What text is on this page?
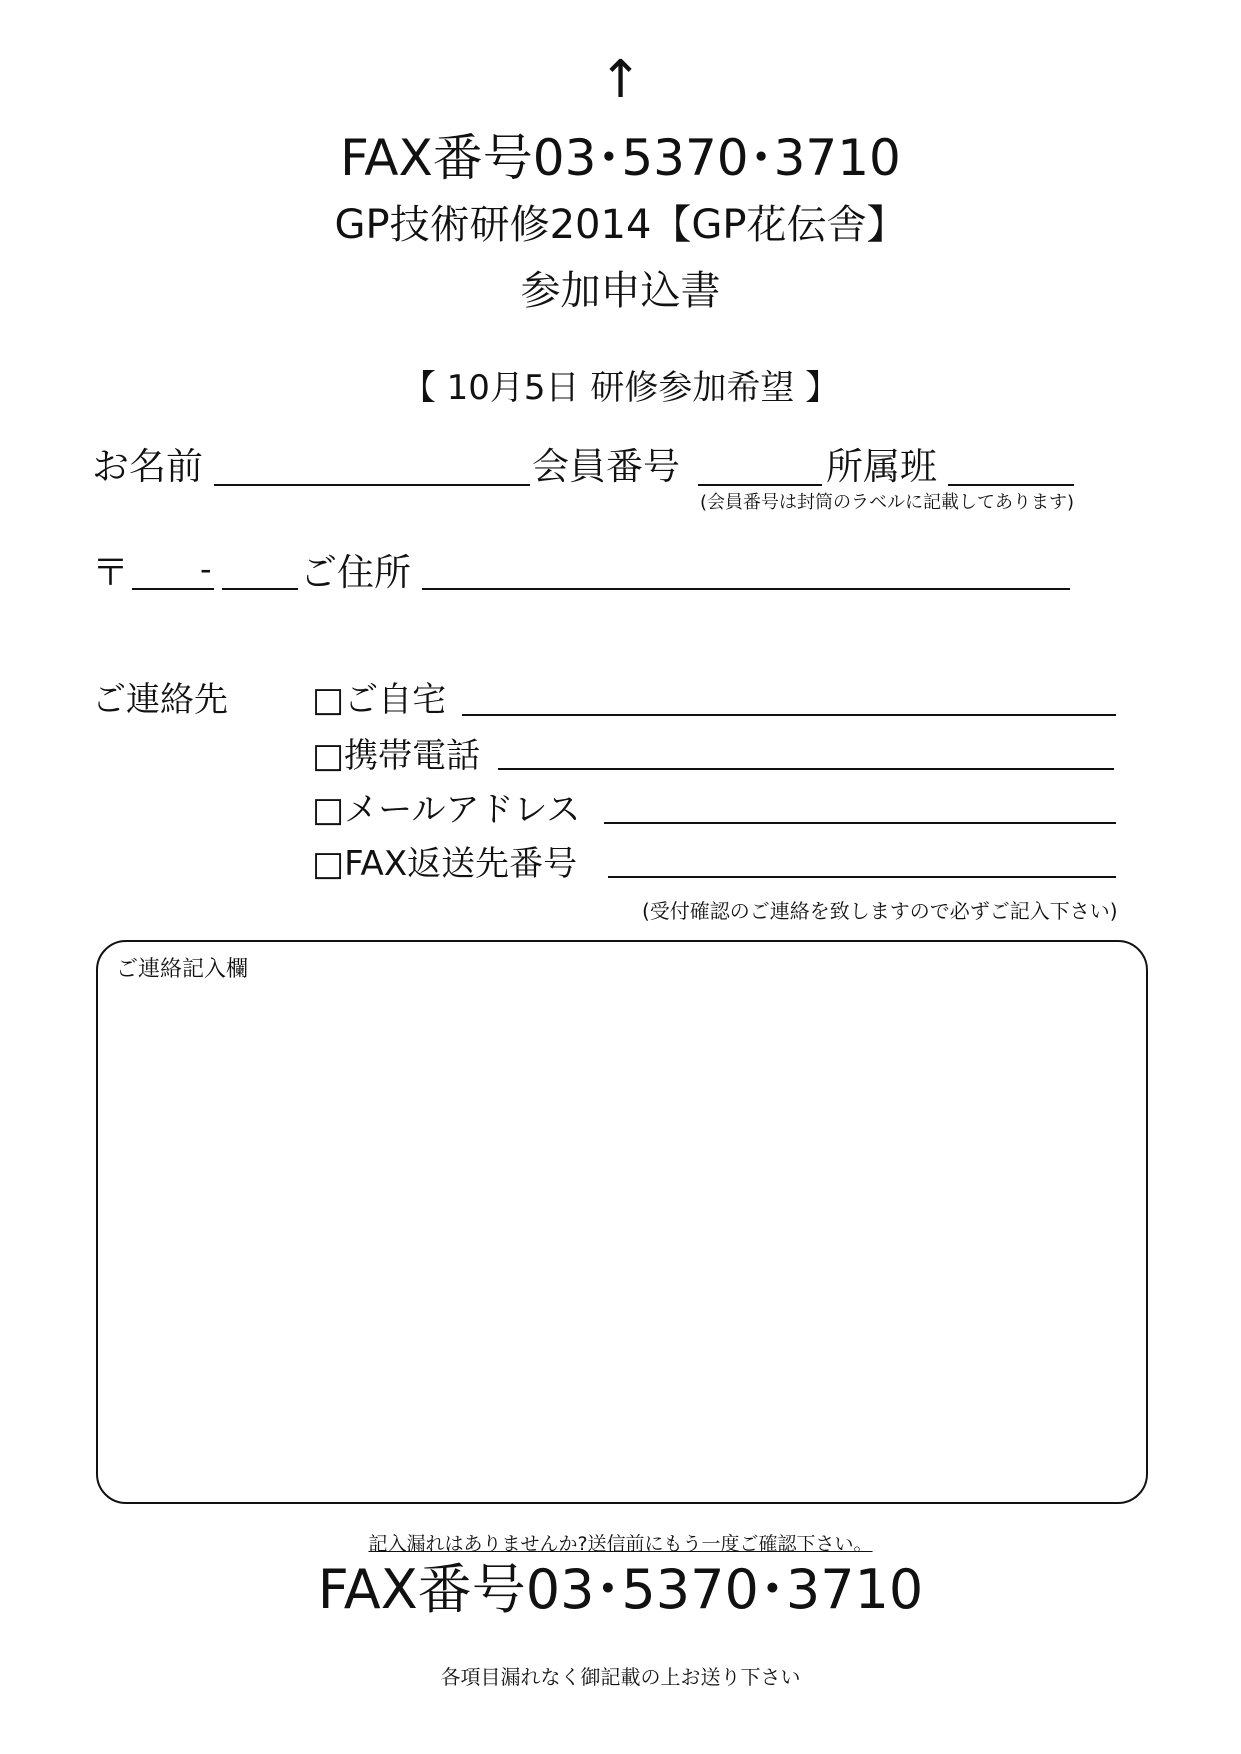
↑
FAX番号03･5370･3710
GP技術研修2014【GP花伝舎】
参加申込書
【 10月5日 研修参加希望 】
お名前	会員番号	所属班
(会員番号は封筒のラベルに記載してあります)
〒 - ご住所
ご連絡先 □ご自宅
□携帯電話
□メールアドレス
□FAX返送先番号
(受付確認のご連絡を致しますので必ずご記入下さい)
ご連絡記入欄
記入漏れはありませんか?送信前にもう一度ご確認下さい。
FAX番号03･5370･3710
各項目漏れなく御記載の上お送り下さい
